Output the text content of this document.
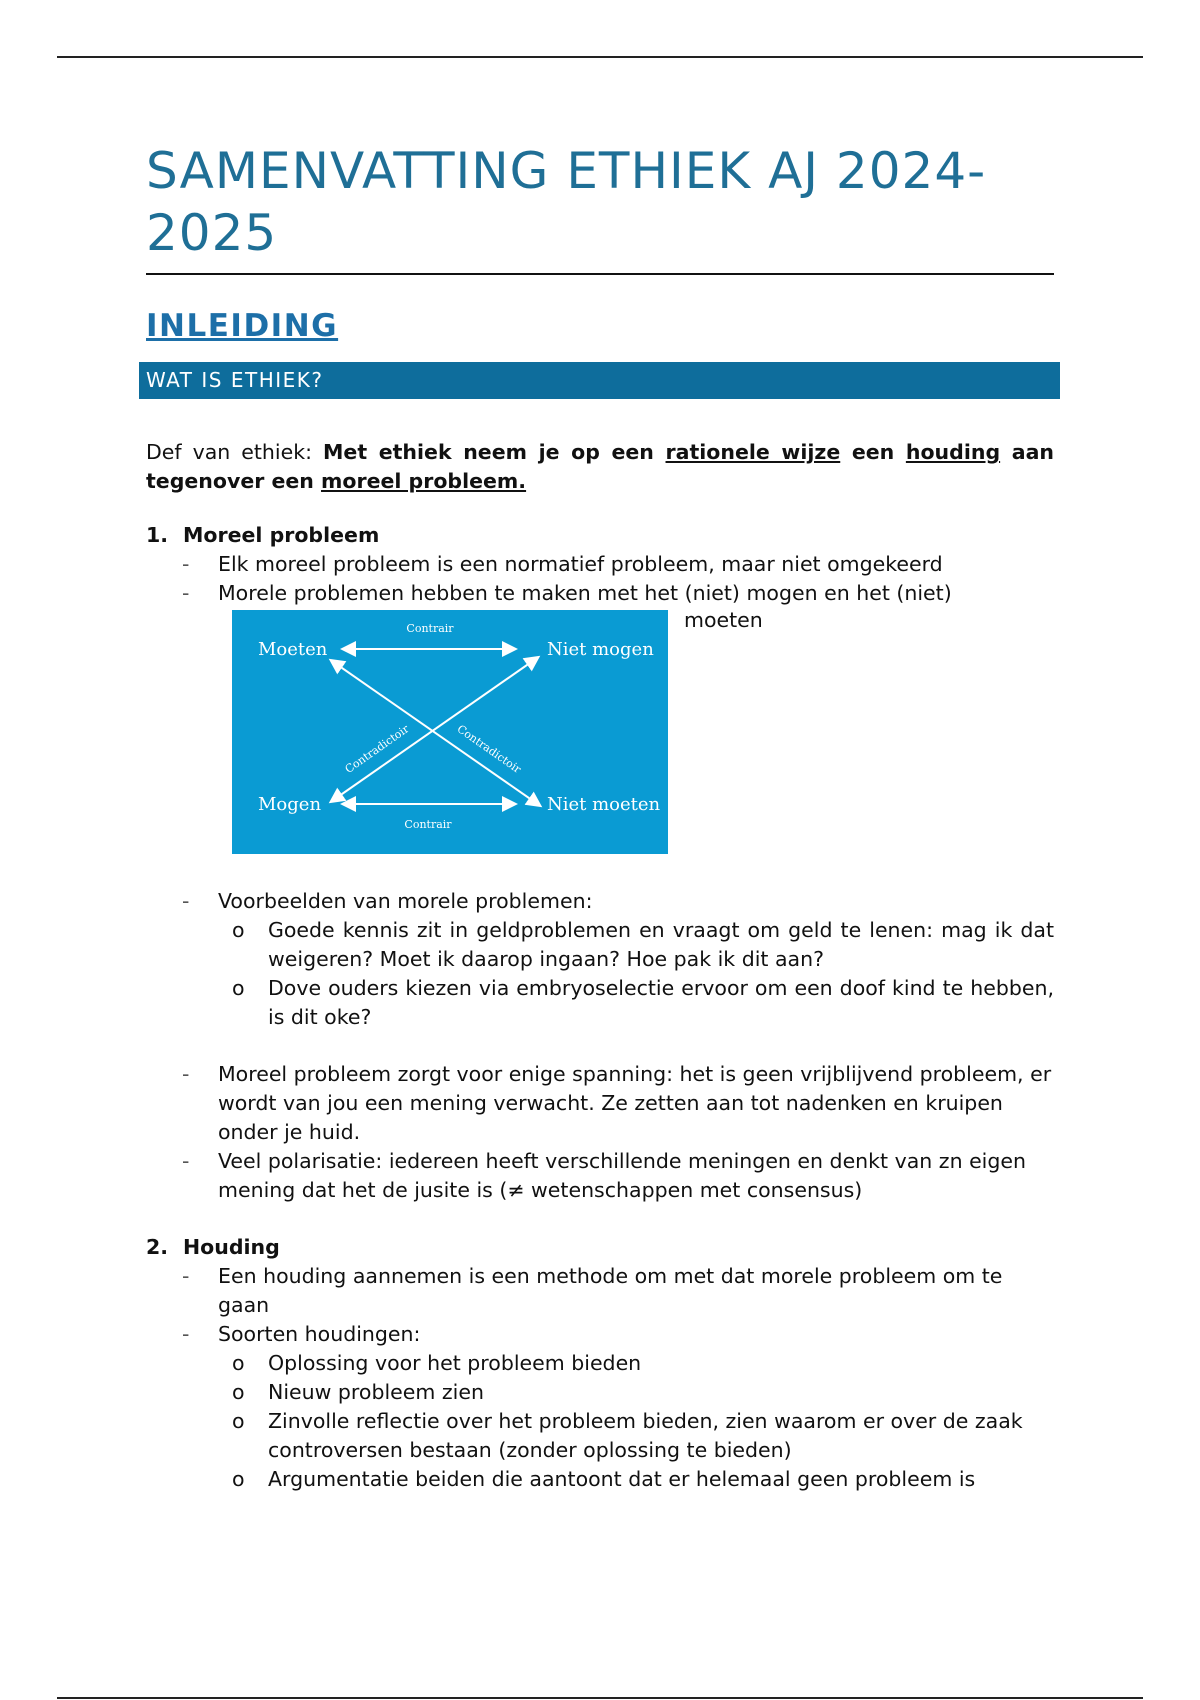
SAMENVATTING ETHIEK AJ 2024-2025
INLEIDING
WAT IS ETHIEK?

Def van ethiek: Met ethiek neem je op een rationele wijze een houding aan tegenover een moreel probleem.

1. Moreel probleem
- Elk moreel probleem is een normatief probleem, maar niet omgekeerd
- Morele problemen hebben te maken met het (niet) mogen en het (niet)
moeten
Moeten	Niet mogen
Mogen	Niet moeten
Contrair
Contrair
Contradictoir	Contradictoir
- Voorbeelden van morele problemen:
o Goede kennis zit in geldproblemen en vraagt om geld te lenen: mag ik dat weigeren? Moet ik daarop ingaan? Hoe pak ik dit aan?
o Dove ouders kiezen via embryoselectie ervoor om een doof kind te hebben, is dit oke?
- Moreel probleem zorgt voor enige spanning: het is geen vrijblijvend probleem, er wordt van jou een mening verwacht. Ze zetten aan tot nadenken en kruipen onder je huid.
- Veel polarisatie: iedereen heeft verschillende meningen en denkt van zn eigen mening dat het de jusite is (≠ wetenschappen met consensus)
2. Houding
- Een houding aannemen is een methode om met dat morele probleem om te gaan
- Soorten houdingen:
o Oplossing voor het probleem bieden
o Nieuw probleem zien
o Zinvolle reflectie over het probleem bieden, zien waarom er over de zaak controversen bestaan (zonder oplossing te bieden)
o Argumentatie beiden die aantoont dat er helemaal geen probleem is
